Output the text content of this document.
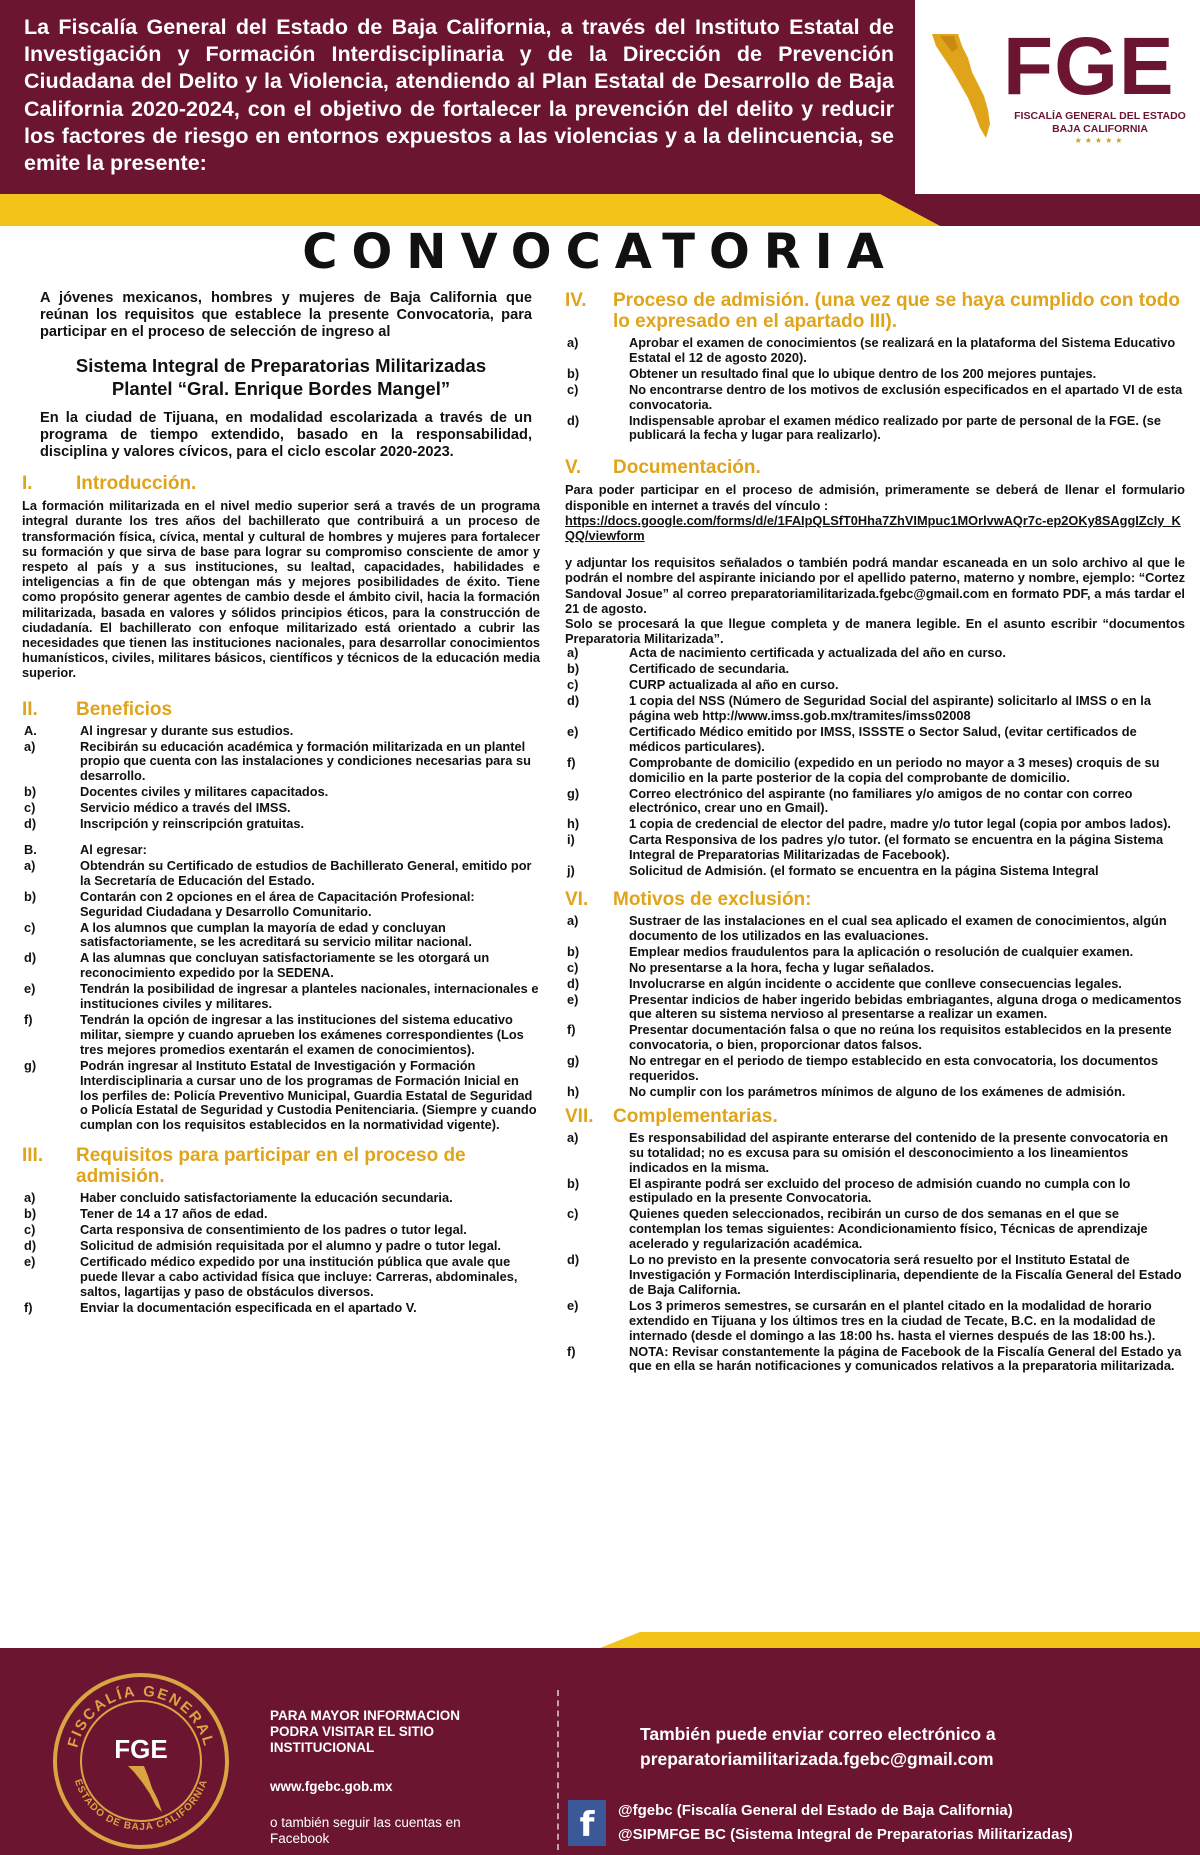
La Fiscalía General del Estado de Baja California, a través del Instituto Estatal de Investigación y Formación Interdisciplinaria y de la Dirección de Prevención Ciudadana del Delito y la Violencia, atendiendo al Plan Estatal de Desarrollo de Baja California 2020-2024, con el objetivo de fortalecer la prevención del delito y reducir los factores de riesgo en entornos expuestos a las violencias y a la delincuencia, se emite la presente:
FGE
FISCALÍA GENERAL DEL ESTADO
BAJA CALIFORNIA
★★★★★
CONVOCATORIA

A jóvenes mexicanos, hombres y mujeres de Baja California que reúnan los requisitos que establece la presente Convocatoria, para participar en el proceso de selección de ingreso al

Sistema Integral de Preparatorias Militarizadas
Plantel “Gral. Enrique Bordes Mangel”

En la ciudad de Tijuana, en modalidad escolarizada a través de un programa de tiempo extendido, basado en la responsabilidad, disciplina y valores cívicos, para el ciclo escolar 2020-2023.

I.	Introducción.

La formación militarizada en el nivel medio superior será a través de un programa integral durante los tres años del bachillerato que contribuirá a un proceso de transformación física, cívica, mental y cultural de hombres y mujeres para fortalecer su formación y que sirva de base para lograr su compromiso consciente de amor y respeto al país y a sus instituciones, su lealtad, capacidades, habilidades e inteligencias a fin de que obtengan más y mejores posibilidades de éxito. Tiene como propósito generar agentes de cambio desde el ámbito civil, hacia la formación militarizada, basada en valores y sólidos principios éticos, para la construcción de ciudadanía. El bachillerato con enfoque militarizado está orientado a cubrir las necesidades que tienen las instituciones nacionales, para desarrollar conocimientos humanísticos, civiles, militares básicos, científicos y técnicos de la educación media superior.

II.	Beneficios
A.	Al ingresar y durante sus estudios.
a)	Recibirán su educación académica y formación militarizada en un plantel propio que cuenta con las instalaciones y condiciones necesarias para su desarrollo.
b)	Docentes civiles y militares capacitados.
c)	Servicio médico a través del IMSS.
d)	Inscripción y reinscripción gratuitas.
B.	Al egresar:
a)	Obtendrán su Certificado de estudios de Bachillerato General, emitido por la Secretaría de Educación del Estado.
b)	Contarán con 2 opciones en el área de Capacitación Profesional: Seguridad Ciudadana y Desarrollo Comunitario.
c)	A los alumnos que cumplan la mayoría de edad y concluyan satisfactoriamente, se les acreditará su servicio militar nacional.
d)	A las alumnas que concluyan satisfactoriamente se les otorgará un reconocimiento expedido por la SEDENA.
e)	Tendrán la posibilidad de ingresar a planteles nacionales, internacionales e instituciones civiles y militares.
f)	Tendrán la opción de ingresar a las instituciones del sistema educativo militar, siempre y cuando aprueben los exámenes correspondientes (Los tres mejores promedios exentarán el examen de conocimientos).
g)	Podrán ingresar al Instituto Estatal de Investigación y Formación Interdisciplinaria a cursar uno de los programas de Formación Inicial en los perfiles de: Policía Preventivo Municipal, Guardia Estatal de Seguridad o Policía Estatal de Seguridad y Custodia Penitenciaria. (Siempre y cuando cumplan con los requisitos establecidos en la normatividad vigente).
III.	Requisitos para participar en el proceso de admisión.
a)	Haber concluido satisfactoriamente la educación secundaria.
b)	Tener de 14 a 17 años de edad.
c)	Carta responsiva de consentimiento de los padres o tutor legal.
d)	Solicitud de admisión requisitada por el alumno y padre o tutor legal.
e)	Certificado médico expedido por una institución pública que avale que puede llevar a cabo actividad física que incluye: Carreras, abdominales, saltos, lagartijas y paso de obstáculos diversos.
f)	Enviar la documentación especificada en el apartado V.
IV.	Proceso de admisión. (una vez que se haya cumplido con todo lo expresado en el apartado III).
a)	Aprobar el examen de conocimientos (se realizará en la plataforma del Sistema Educativo Estatal el 12 de agosto 2020).
b)	Obtener un resultado final que lo ubique dentro de los 200 mejores puntajes.
c)	No encontrarse dentro de los motivos de exclusión especificados en el apartado VI de esta convocatoria.
d)	Indispensable aprobar el examen médico realizado por parte de personal de la FGE. (se publicará la fecha y lugar para realizarlo).
V.	Documentación.

Para poder participar en el proceso de admisión, primeramente se deberá de llenar el formulario disponible en internet a través del vínculo :

https://docs.google.com/forms/d/e/1FAIpQLSfT0Hha7ZhVIMpuc1MOrlvwAQr7c-ep2OKy8SAggIZcIy_KQQ/viewform

y adjuntar los requisitos señalados o también podrá mandar escaneada en un solo archivo al que le podrán el nombre del aspirante iniciando por el apellido paterno, materno y nombre, ejemplo: “Cortez Sandoval Josue” al correo preparatoriamilitarizada.fgebc@gmail.com en formato PDF, a más tardar el 21 de agosto.

Solo se procesará la que llegue completa y de manera legible. En el asunto escribir “documentos Preparatoria Militarizada”.

a)	Acta de nacimiento certificada y actualizada del año en curso.
b)	Certificado de secundaria.
c)	CURP actualizada al año en curso.
d)	1 copia del NSS (Número de Seguridad Social del aspirante) solicitarlo al IMSS o en la página web http://www.imss.gob.mx/tramites/imss02008
e)	Certificado Médico emitido por IMSS, ISSSTE o Sector Salud, (evitar certificados de médicos particulares).
f)	Comprobante de domicilio (expedido en un periodo no mayor a 3 meses) croquis de su domicilio en la parte posterior de la copia del comprobante de domicilio.
g)	Correo electrónico del aspirante (no familiares y/o amigos de no contar con correo electrónico, crear uno en Gmail).
h)	1 copia de credencial de elector del padre, madre y/o tutor legal (copia por ambos lados).
i)	Carta Responsiva de los padres y/o tutor. (el formato se encuentra en la página Sistema Integral de Preparatorias Militarizadas de Facebook).
j)	Solicitud de Admisión. (el formato se encuentra en la página Sistema Integral
VI.	Motivos de exclusión:
a)	Sustraer de las instalaciones en el cual sea aplicado el examen de conocimientos, algún documento de los utilizados en las evaluaciones.
b)	Emplear medios fraudulentos para la aplicación o resolución de cualquier examen.
c)	No presentarse a la hora, fecha y lugar señalados.
d)	Involucrarse en algún incidente o accidente que conlleve consecuencias legales.
e)	Presentar indicios de haber ingerido bebidas embriagantes, alguna droga o medicamentos que alteren su sistema nervioso al presentarse a realizar un examen.
f)	Presentar documentación falsa o que no reúna los requisitos establecidos en la presente convocatoria, o bien, proporcionar datos falsos.
g)	No entregar en el periodo de tiempo establecido en esta convocatoria, los documentos requeridos.
h)	No cumplir con los parámetros mínimos de alguno de los exámenes de admisión.
VII.	Complementarias.
a)	Es responsabilidad del aspirante enterarse del contenido de la presente convocatoria en su totalidad; no es excusa para su omisión el desconocimiento a los lineamientos indicados en la misma.
b)	El aspirante podrá ser excluido del proceso de admisión cuando no cumpla con lo estipulado en la presente Convocatoria.
c)	Quienes queden seleccionados, recibirán un curso de dos semanas en el que se contemplan los temas siguientes: Acondicionamiento físico, Técnicas de aprendizaje acelerado y regularización académica.
d)	Lo no previsto en la presente convocatoria será resuelto por el Instituto Estatal de Investigación y Formación Interdisciplinaria, dependiente de la Fiscalía General del Estado de Baja California.
e)	Los 3 primeros semestres, se cursarán en el plantel citado en la modalidad de horario extendido en Tijuana y los últimos tres en la ciudad de Tecate, B.C. en la modalidad de internado (desde el domingo a las 18:00 hs. hasta el viernes después de las 18:00 hs.).
f)	NOTA: Revisar constantemente la página de Facebook de la Fiscalía General del Estado ya que en ella se harán notificaciones y comunicados relativos a la preparatoria militarizada.
FISCALÍA GENERAL
ESTADO DE BAJA CALIFORNIA
FGE
PARA MAYOR INFORMACION
PODRA VISITAR EL SITIO
INSTITUCIONAL
www.fgebc.gob.mx
o también seguir las cuentas en
Facebook
También puede enviar correo electrónico a
preparatoriamilitarizada.fgebc@gmail.com
f	@fgebc (Fiscalía General del Estado de Baja California)
@SIPMFGE BC (Sistema Integral de Preparatorias Militarizadas)
